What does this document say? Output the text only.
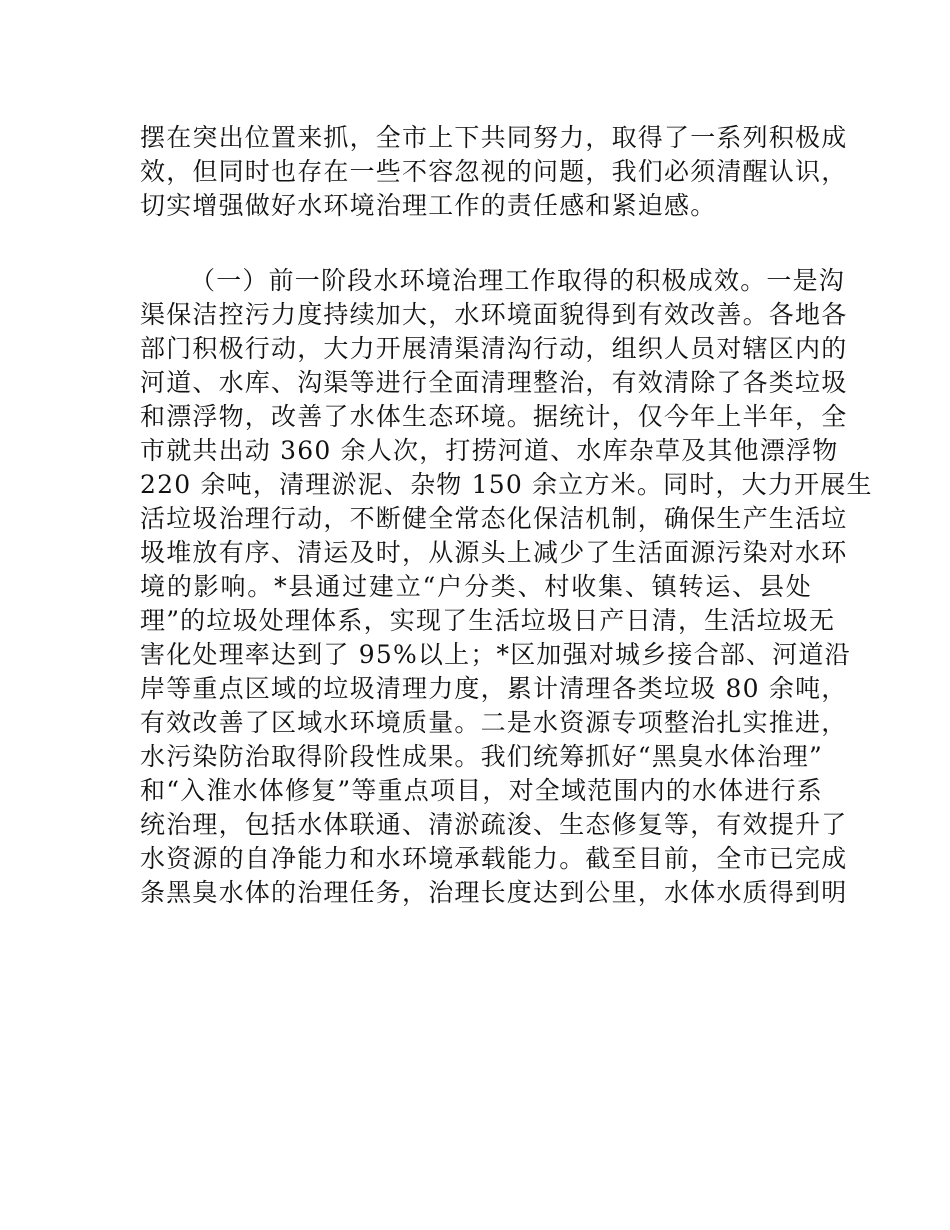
摆在突出位置来抓，全市上下共同努力，取得了一系列积极成
效，但同时也存在一些不容忽视的问题，我们必须清醒认识，
切实增强做好水环境治理工作的责任感和紧迫感。
（一）前一阶段水环境治理工作取得的积极成效。一是沟
渠保洁控污力度持续加大，水环境面貌得到有效改善。各地各
部门积极行动，大力开展清渠清沟行动，组织人员对辖区内的
河道、水库、沟渠等进行全面清理整治，有效清除了各类垃圾
和漂浮物，改善了水体生态环境。据统计，仅今年上半年，全
市就共出动 360 余人次，打捞河道、水库杂草及其他漂浮物
220 余吨，清理淤泥、杂物 150 余立方米。同时，大力开展生
活垃圾治理行动，不断健全常态化保洁机制，确保生产生活垃
圾堆放有序、清运及时，从源头上减少了生活面源污染对水环
境的影响。*县通过建立“户分类、村收集、镇转运、县处
理”的垃圾处理体系，实现了生活垃圾日产日清，生活垃圾无
害化处理率达到了 95%以上；*区加强对城乡接合部、河道沿
岸等重点区域的垃圾清理力度，累计清理各类垃圾 80 余吨，
有效改善了区域水环境质量。二是水资源专项整治扎实推进，
水污染防治取得阶段性成果。我们统筹抓好“黑臭水体治理”
和“入淮水体修复”等重点项目，对全域范围内的水体进行系
统治理，包括水体联通、清淤疏浚、生态修复等，有效提升了
水资源的自净能力和水环境承载能力。截至目前，全市已完成
条黑臭水体的治理任务，治理长度达到公里，水体水质得到明
